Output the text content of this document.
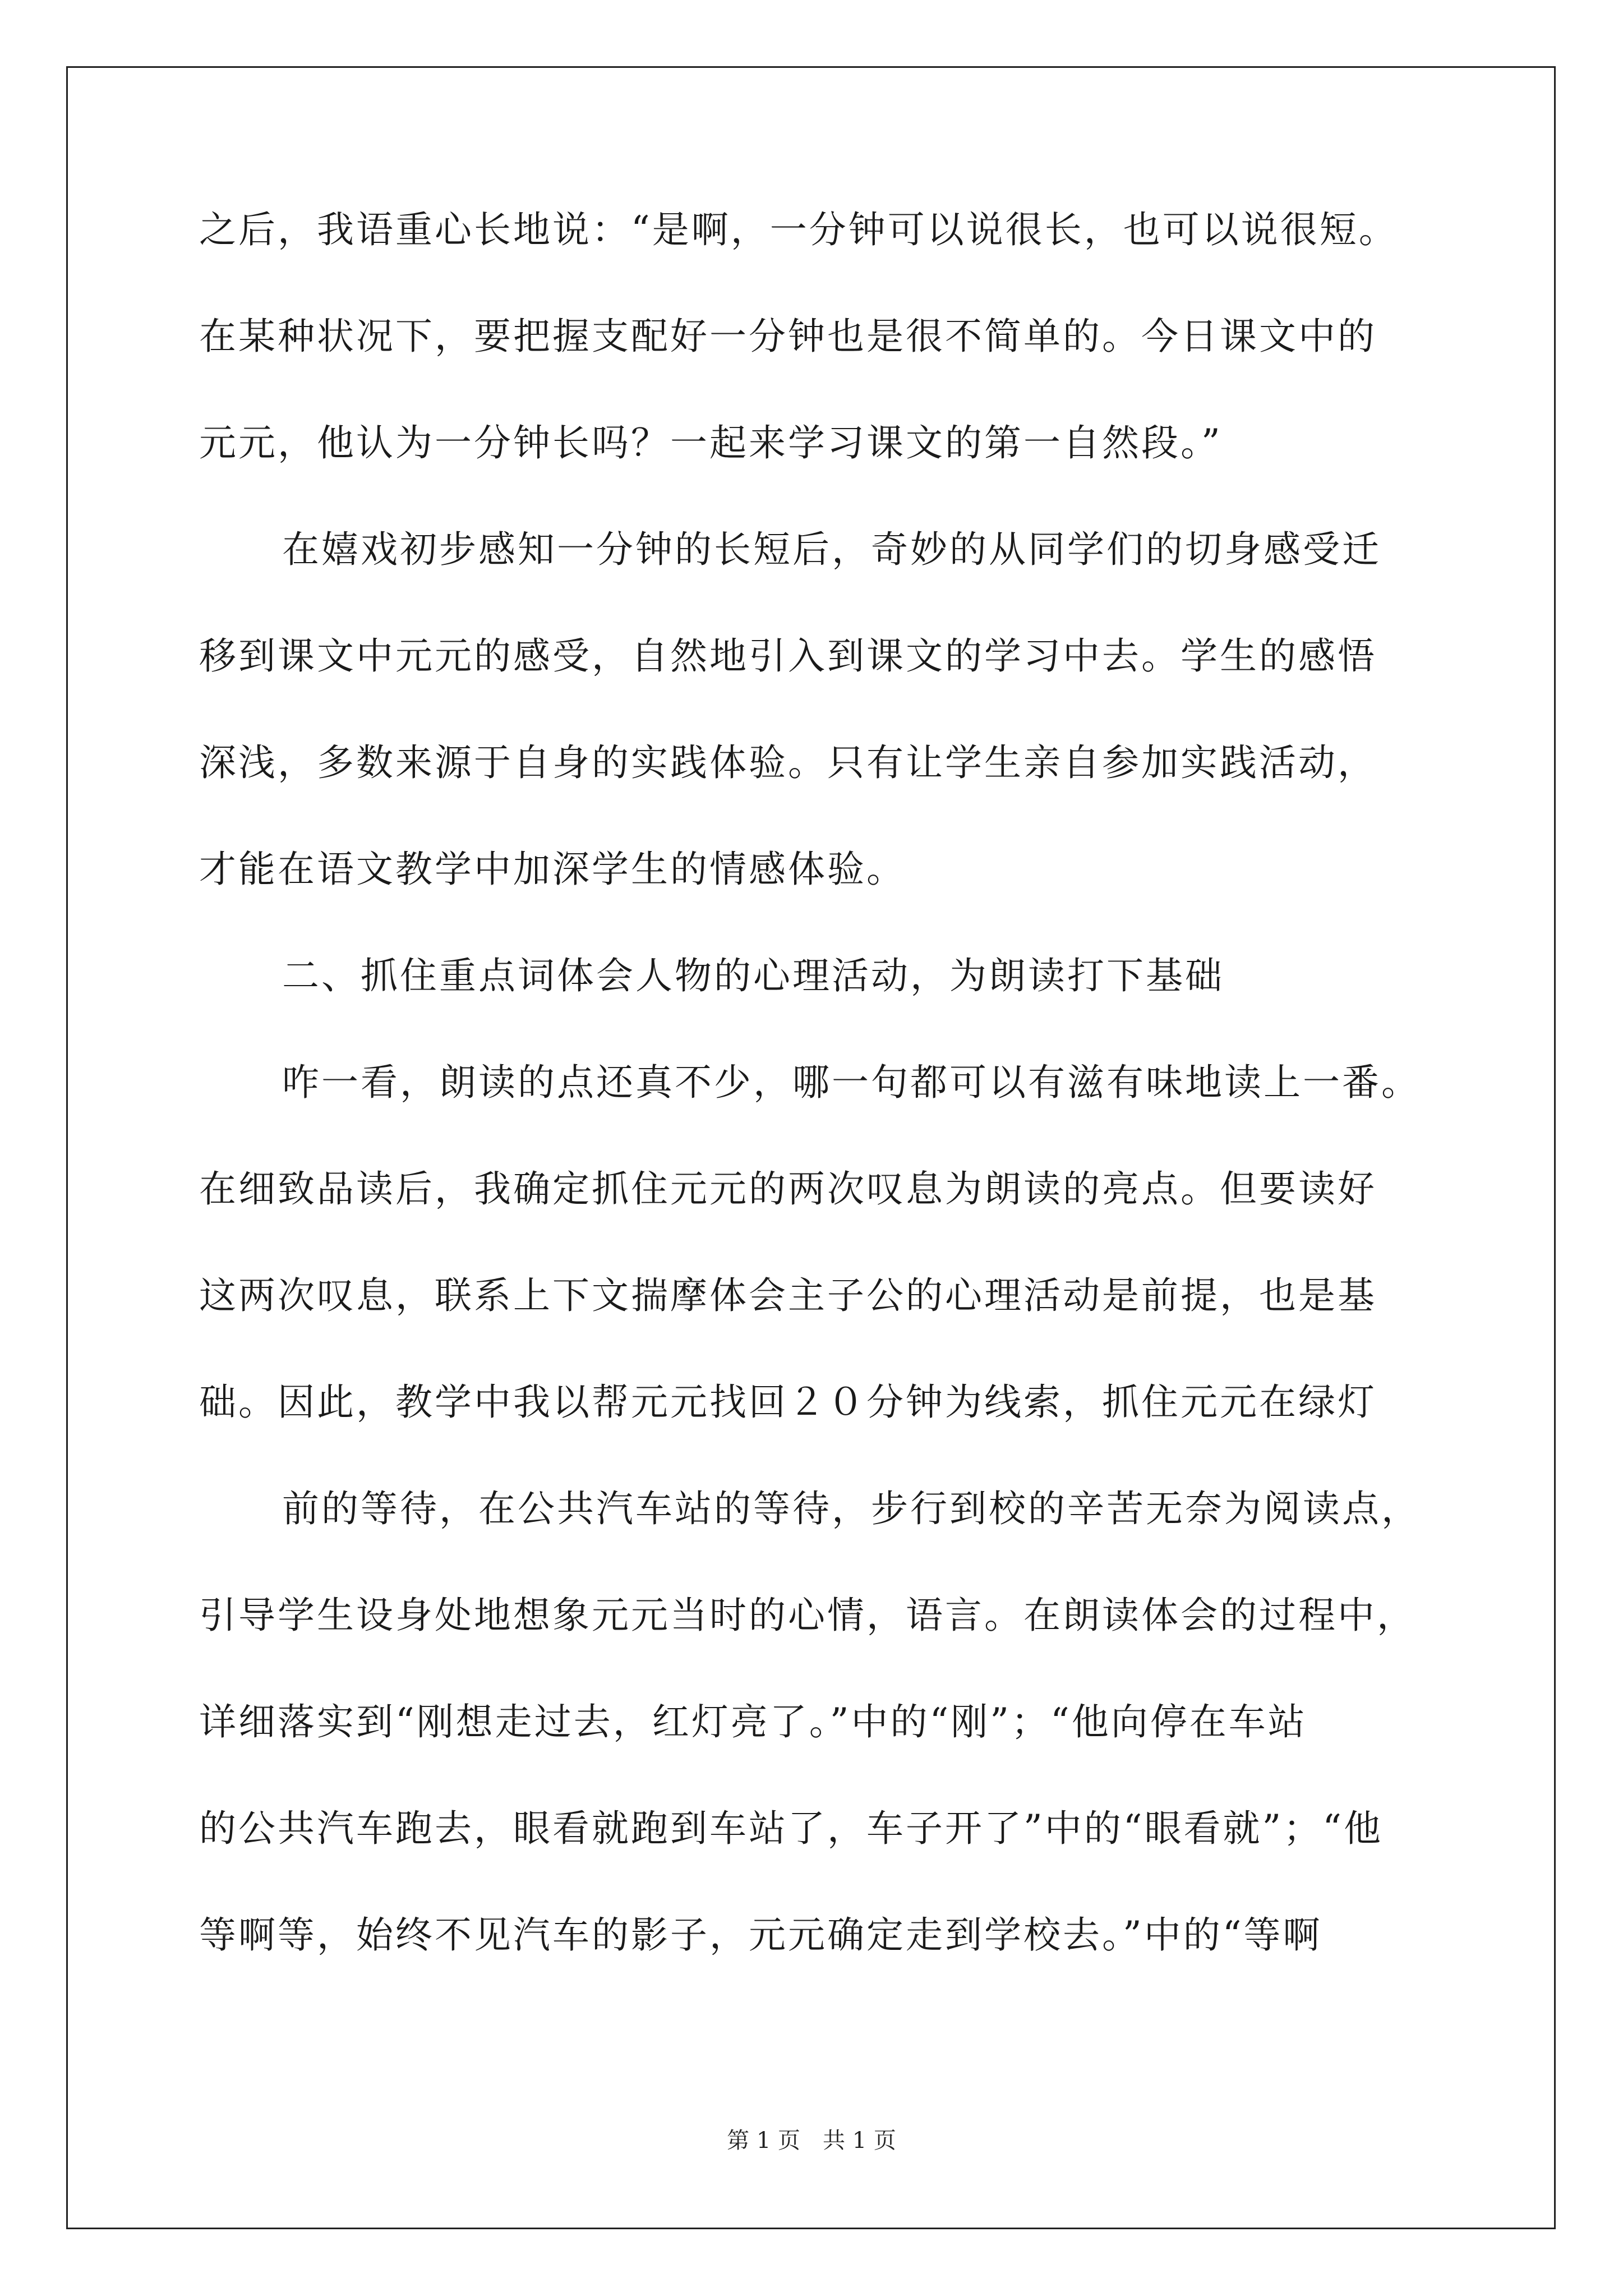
之后，我语重心长地说：“是啊，一分钟可以说很长，也可以说很短。
在某种状况下，要把握支配好一分钟也是很不简单的。今日课文中的
元元，他认为一分钟长吗？一起来学习课文的第一自然段。”
在嬉戏初步感知一分钟的长短后，奇妙的从同学们的切身感受迁
移到课文中元元的感受，自然地引入到课文的学习中去。学生的感悟
深浅，多数来源于自身的实践体验。只有让学生亲自参加实践活动，
才能在语文教学中加深学生的情感体验。
二、抓住重点词体会人物的心理活动，为朗读打下基础
咋一看，朗读的点还真不少，哪一句都可以有滋有味地读上一番。
在细致品读后，我确定抓住元元的两次叹息为朗读的亮点。但要读好
这两次叹息，联系上下文揣摩体会主子公的心理活动是前提，也是基
础。因此，教学中我以帮元元找回２０分钟为线索，抓住元元在绿灯
前的等待，在公共汽车站的等待，步行到校的辛苦无奈为阅读点，
引导学生设身处地想象元元当时的心情，语言。在朗读体会的过程中，
详细落实到“刚想走过去，红灯亮了。”中的“刚”；“他向停在车站
的公共汽车跑去，眼看就跑到车站了，车子开了”中的“眼看就”；“他
等啊等，始终不见汽车的影子，元元确定走到学校去。”中的“等啊
第 1 页　共 1 页
